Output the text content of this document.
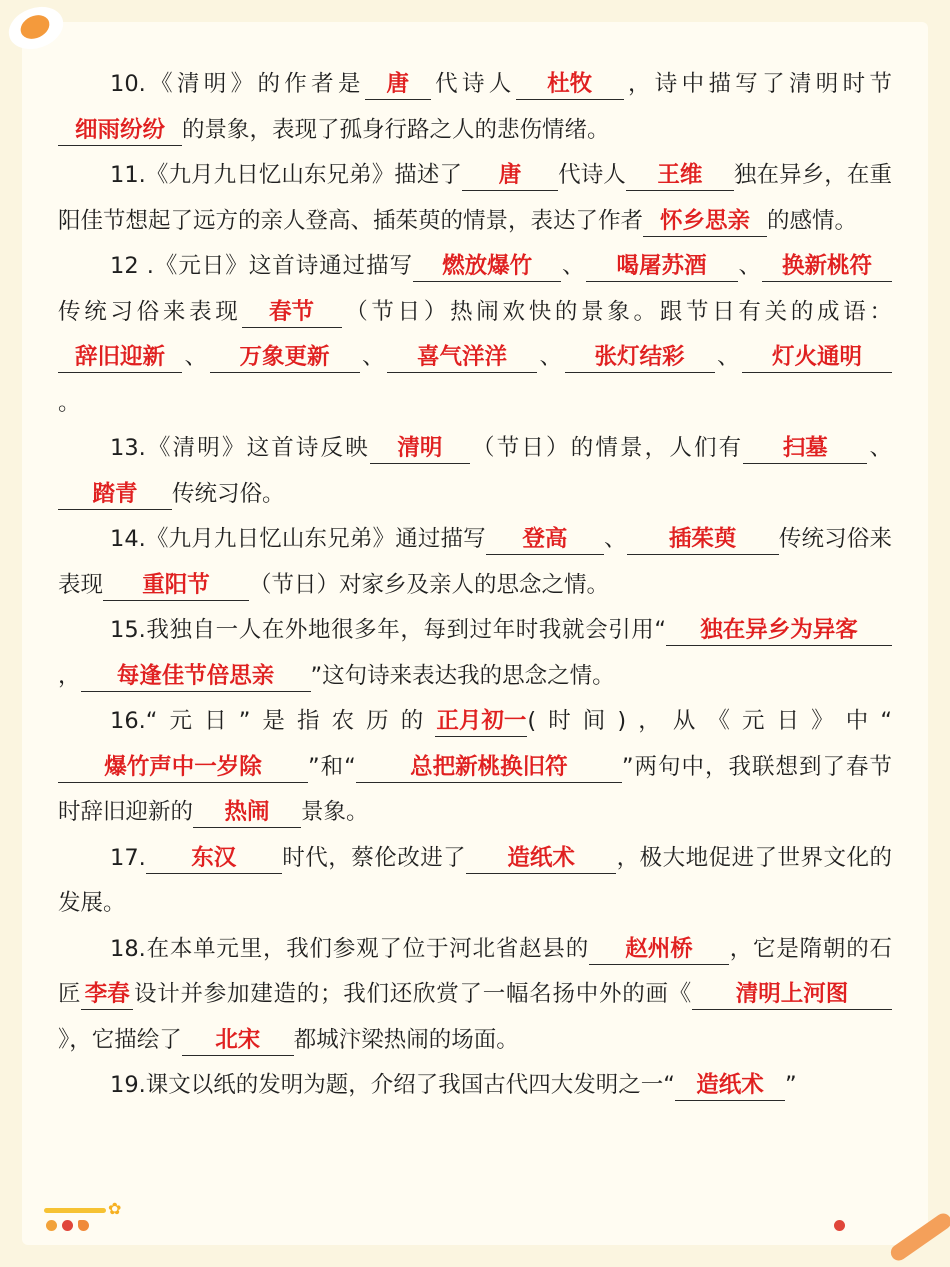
✿

10.《清明》的作者是 唐 代诗人 杜牧 ，诗中描写了清明时节细雨纷纷 的景象，表现了孤身行路之人的悲伤情绪。

11.《九月九日忆山东兄弟》描述了 唐 代诗人 王维 独在异乡，在重阳佳节想起了远方的亲人登高、插茱萸的情景，表达了作者 怀乡思亲 的感情。

12 .《元日》这首诗通过描写 燃放爆竹 、 喝屠苏酒 、 换新桃符传统习俗来表现 春节 （节日）热闹欢快的景象。跟节日有关的成语：辞旧迎新 、 万象更新 、 喜气洋洋 、 张灯结彩 、 灯火通明。

13.《清明》这首诗反映 清明 （节日）的情景，人们有 扫墓 、踏青 传统习俗。

14.《九月九日忆山东兄弟》通过描写 登高 、 插茱萸 传统习俗来表现 重阳节 （节日）对家乡及亲人的思念之情。

15.我独自一人在外地很多年，每到过年时我就会引用“ 独在异乡为异客， 每逢佳节倍思亲 ”这句诗来表达我的思念之情。

16.“元日”是指农历的正月初一(时间)，从《元日》中“爆竹声中一岁除 ”和“ 总把新桃换旧符 ”两句中，我联想到了春节时辞旧迎新的 热闹 景象。

17. 东汉 时代，蔡伦改进了 造纸术 ，极大地促进了世界文化的发展。

18.在本单元里，我们参观了位于河北省赵县的 赵州桥 ，它是隋朝的石匠 李春 设计并参加建造的；我们还欣赏了一幅名扬中外的画《 清明上河图》，它描绘了 北宋 都城汴梁热闹的场面。

19.课文以纸的发明为题，介绍了我国古代四大发明之一“ 造纸术 ”
